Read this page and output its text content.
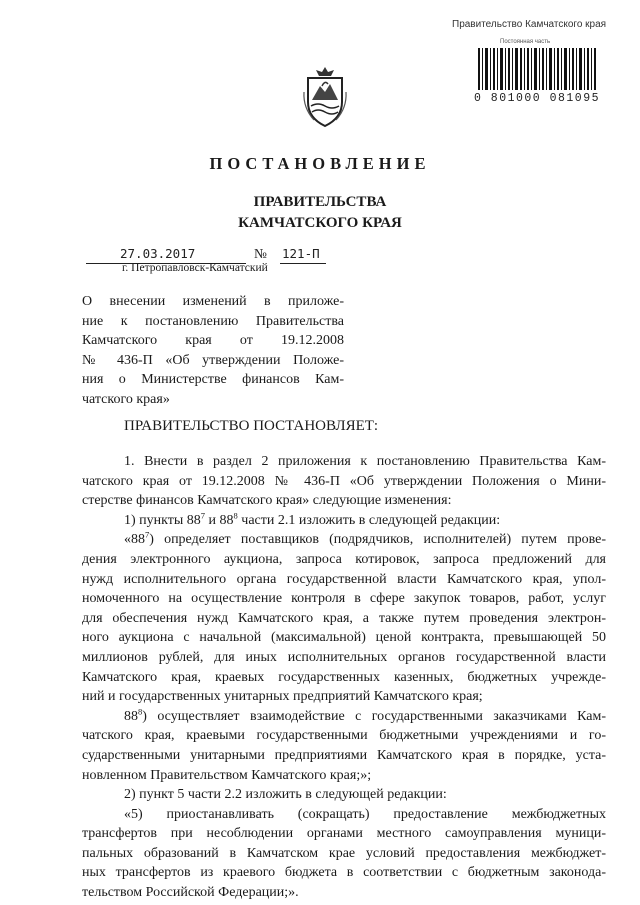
Правительство Камчатского края
0 801000 081095
Постоянная часть
ПОСТАНОВЛЕНИЕ
ПРАВИТЕЛЬСТВА
КАМЧАТСКОГО КРАЯ
27.03.2017	№ 121-П
г. Петропавловск-Камчатский
О внесении изменений в приложе-
ние к постановлению Правительства
Камчатского края от 19.12.2008
№ 436-П «Об утверждении Положе-
ния о Министерстве финансов Кам-
чатского края»
ПРАВИТЕЛЬСТВО ПОСТАНОВЛЯЕТ:
1. Внести в раздел 2 приложения к постановлению Правительства Кам-
чатского края от 19.12.2008 № 436-П «Об утверждении Положения о Мини-
стерстве финансов Камчатского края» следующие изменения:
1) пункты $88^7$ и $88^8$ части 2.1 изложить в следующей редакции:
«$88^7$) определяет поставщиков (подрядчиков, исполнителей) путем прове-
дения электронного аукциона, запроса котировок, запроса предложений для
нужд исполнительного органа государственной власти Камчатского края, упол-
номоченного на осуществление контроля в сфере закупок товаров, работ, услуг
для обеспечения нужд Камчатского края, а также путем проведения электрон-
ного аукциона с начальной (максимальной) ценой контракта, превышающей 50
миллионов рублей, для иных исполнительных органов государственной власти
Камчатского края, краевых государственных казенных, бюджетных учрежде-
ний и государственных унитарных предприятий Камчатского края;
$88^8$) осуществляет взаимодействие с государственными заказчиками Кам-
чатского края, краевыми государственными бюджетными учреждениями и го-
сударственными унитарными предприятиями Камчатского края в порядке, уста-
новленном Правительством Камчатского края;»;
2) пункт 5 части 2.2 изложить в следующей редакции:
«5) приостанавливать (сокращать) предоставление межбюджетных
трансфертов при несоблюдении органами местного самоуправления муници-
пальных образований в Камчатском крае условий предоставления межбюджет-
ных трансфертов из краевого бюджета в соответствии с бюджетным законода-
тельством Российской Федерации;».
